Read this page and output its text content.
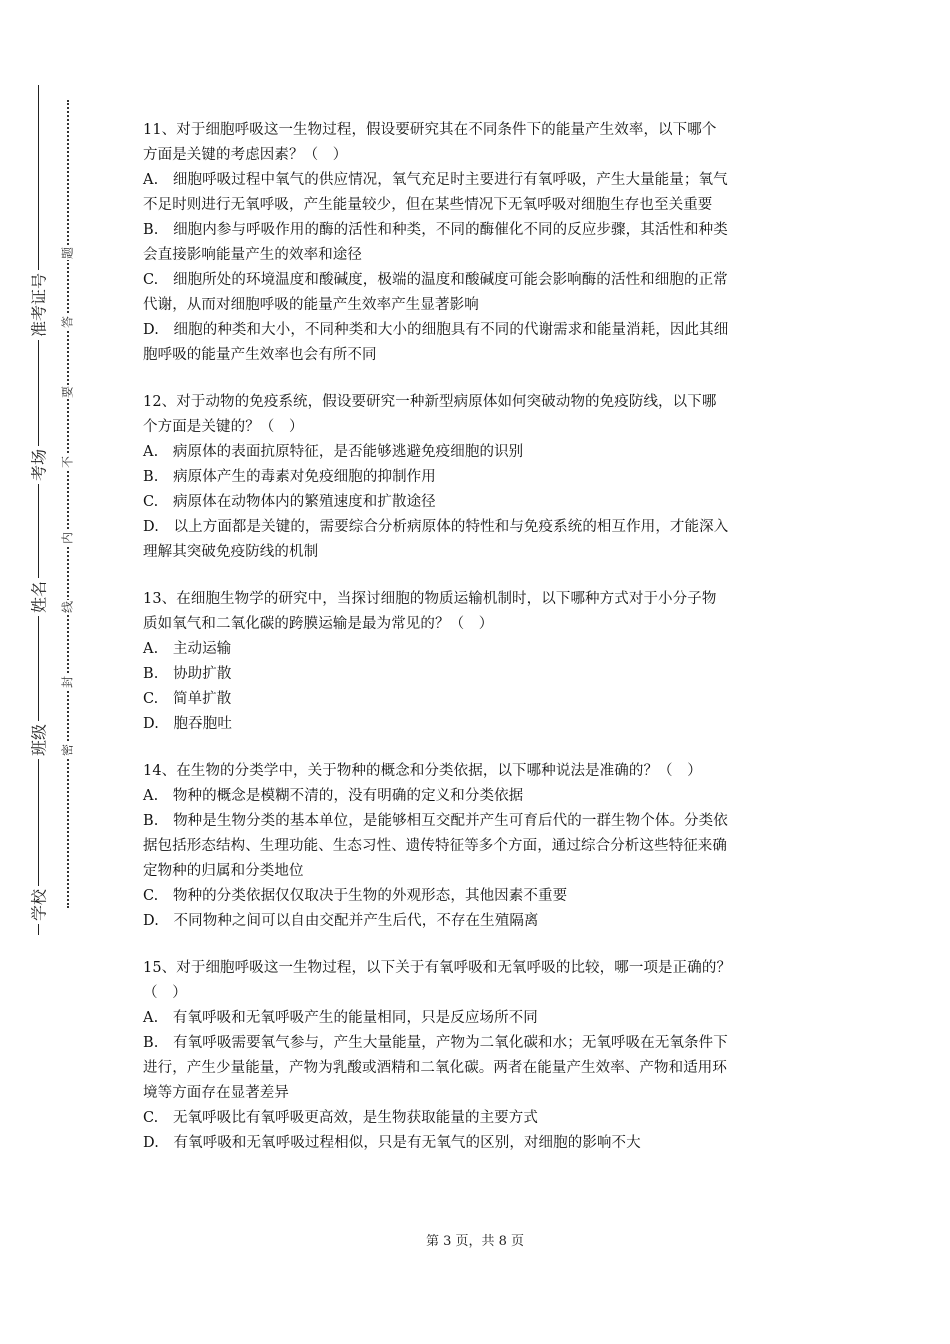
准考证号
考场
姓名
班级
学校
题
答
要
不
内
线
封
密
11、对于细胞呼吸这一生物过程，假设要研究其在不同条件下的能量产生效率，以下哪个
方面是关键的考虑因素？（　）
A.　细胞呼吸过程中氧气的供应情况，氧气充足时主要进行有氧呼吸，产生大量能量；氧气
不足时则进行无氧呼吸，产生能量较少，但在某些情况下无氧呼吸对细胞生存也至关重要
B.　细胞内参与呼吸作用的酶的活性和种类，不同的酶催化不同的反应步骤，其活性和种类
会直接影响能量产生的效率和途径
C.　细胞所处的环境温度和酸碱度，极端的温度和酸碱度可能会影响酶的活性和细胞的正常
代谢，从而对细胞呼吸的能量产生效率产生显著影响
D.　细胞的种类和大小，不同种类和大小的细胞具有不同的代谢需求和能量消耗，因此其细
胞呼吸的能量产生效率也会有所不同
12、对于动物的免疫系统，假设要研究一种新型病原体如何突破动物的免疫防线，以下哪
个方面是关键的？（　）
A.　病原体的表面抗原特征，是否能够逃避免疫细胞的识别
B.　病原体产生的毒素对免疫细胞的抑制作用
C.　病原体在动物体内的繁殖速度和扩散途径
D.　以上方面都是关键的，需要综合分析病原体的特性和与免疫系统的相互作用，才能深入
理解其突破免疫防线的机制
13、在细胞生物学的研究中，当探讨细胞的物质运输机制时，以下哪种方式对于小分子物
质如氧气和二氧化碳的跨膜运输是最为常见的？（　）
A.　主动运输
B.　协助扩散
C.　简单扩散
D.　胞吞胞吐
14、在生物的分类学中，关于物种的概念和分类依据，以下哪种说法是准确的？（　）
A.　物种的概念是模糊不清的，没有明确的定义和分类依据
B.　物种是生物分类的基本单位，是能够相互交配并产生可育后代的一群生物个体。分类依
据包括形态结构、生理功能、生态习性、遗传特征等多个方面，通过综合分析这些特征来确
定物种的归属和分类地位
C.　物种的分类依据仅仅取决于生物的外观形态，其他因素不重要
D.　不同物种之间可以自由交配并产生后代，不存在生殖隔离
15、对于细胞呼吸这一生物过程，以下关于有氧呼吸和无氧呼吸的比较，哪一项是正确的？
（　）
A.　有氧呼吸和无氧呼吸产生的能量相同，只是反应场所不同
B.　有氧呼吸需要氧气参与，产生大量能量，产物为二氧化碳和水；无氧呼吸在无氧条件下
进行，产生少量能量，产物为乳酸或酒精和二氧化碳。两者在能量产生效率、产物和适用环
境等方面存在显著差异
C.　无氧呼吸比有氧呼吸更高效，是生物获取能量的主要方式
D.　有氧呼吸和无氧呼吸过程相似，只是有无氧气的区别，对细胞的影响不大
第 3 页，共 8 页
